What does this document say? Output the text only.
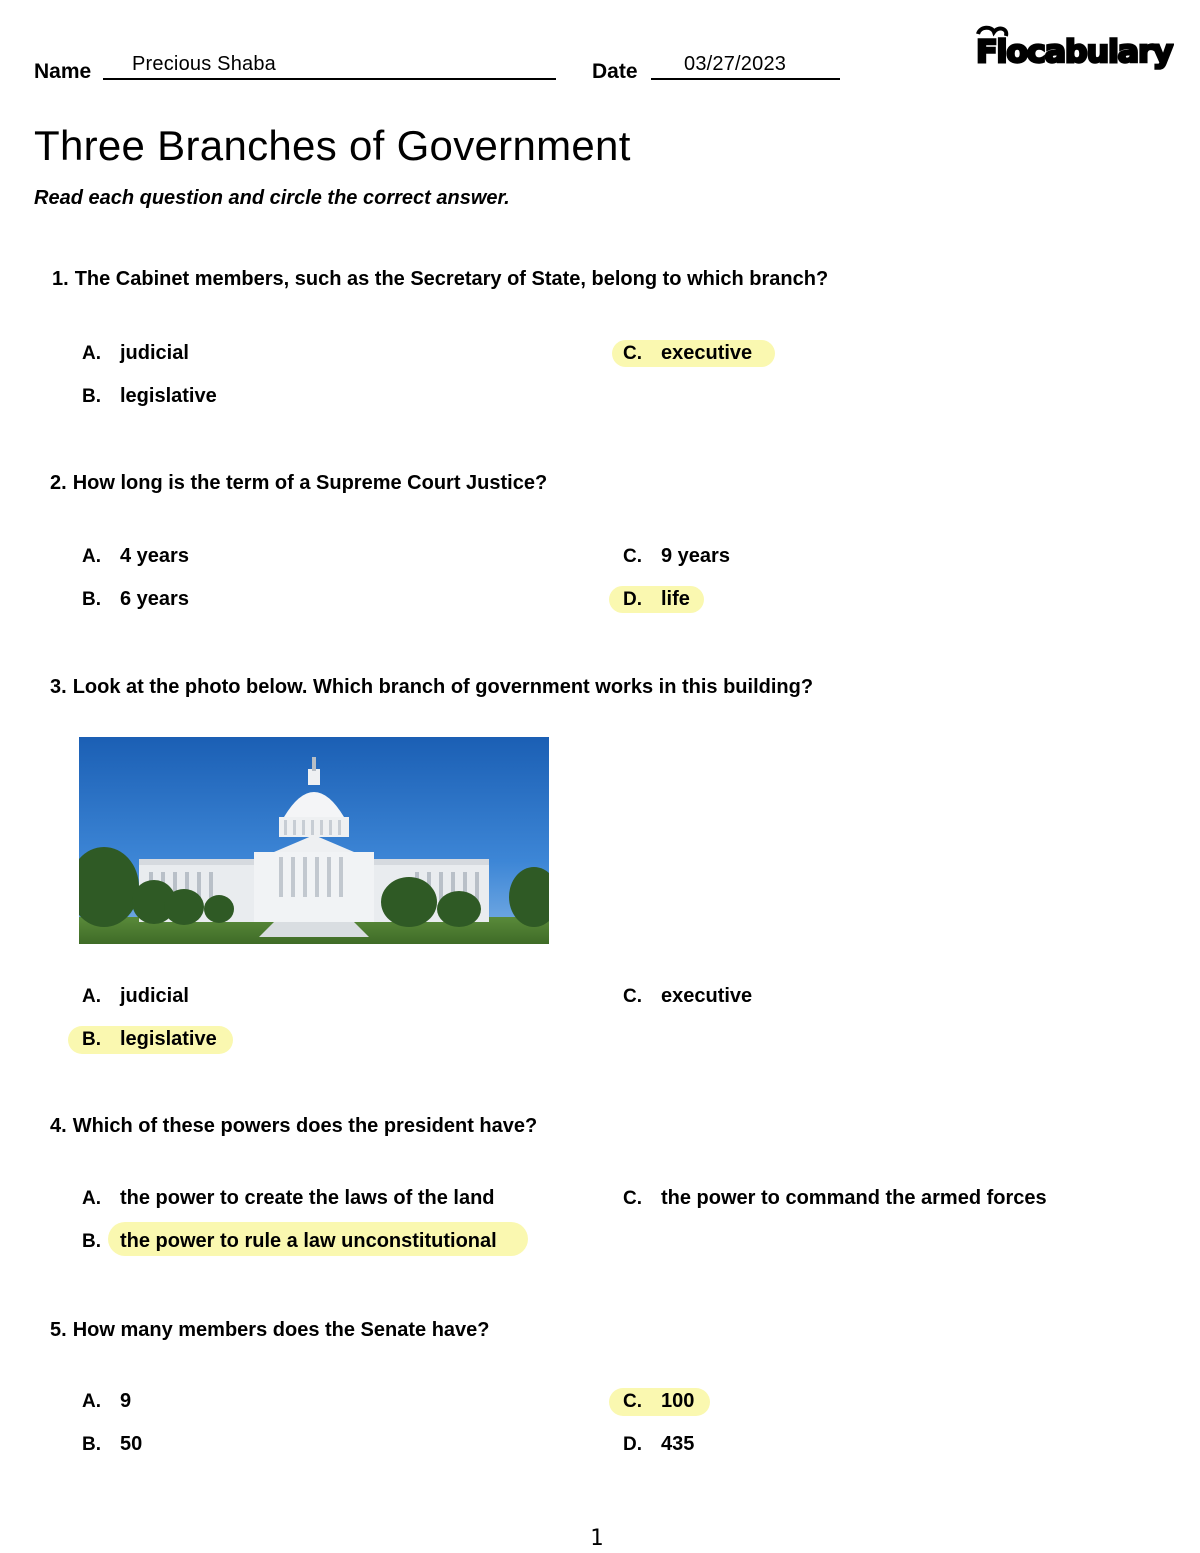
Name Precious Shaba	Date 03/27/2023	Flocabulary
Three Branches of Government
Read each question and circle the correct answer.
1. The Cabinet members, such as the Secretary of State, belong to which branch?
A. judicial
B. legislative
C. executive
2. How long is the term of a Supreme Court Justice?
A. 4 years
B. 6 years
C. 9 years
D. life
3. Look at the photo below. Which branch of government works in this building?
A. judicial
B. legislative
C. executive
4. Which of these powers does the president have?
A. the power to create the laws of the land
B. the power to rule a law unconstitutional
C. the power to command the armed forces
5. How many members does the Senate have?
A. 9
B. 50
C. 100
D. 435
1
